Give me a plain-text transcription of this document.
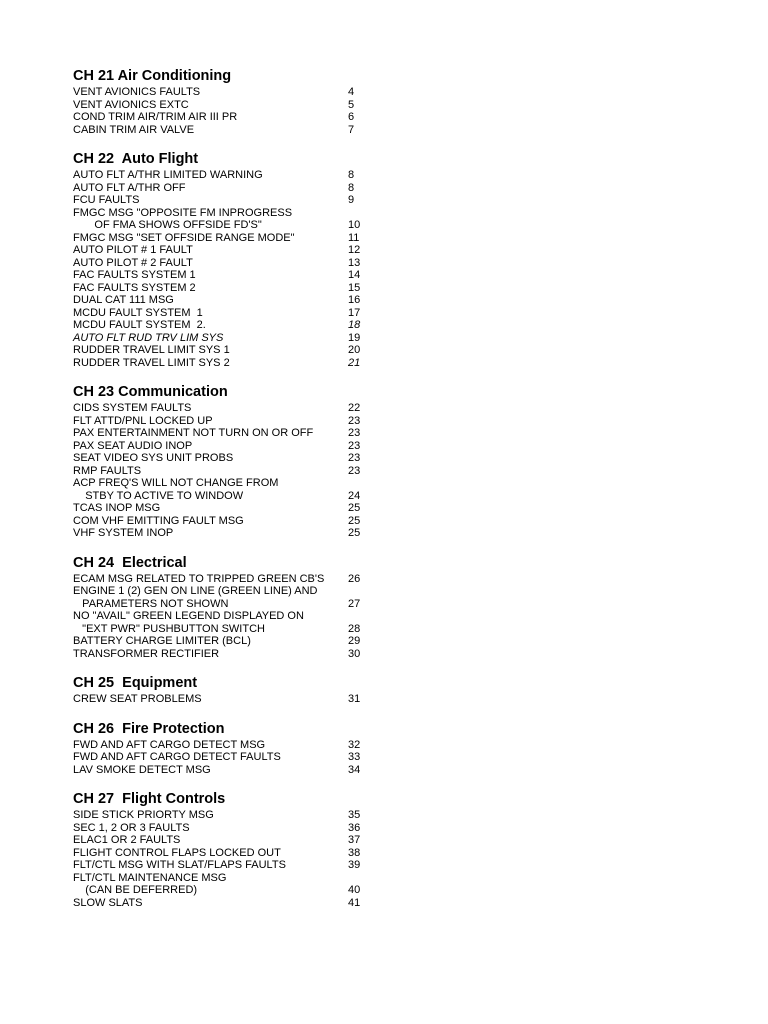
CH 21 Air Conditioning
VENT AVIONICS FAULTS	4
VENT AVIONICS EXTC	5
COND TRIM AIR/TRIM AIR III PR	6
CABIN TRIM AIR VALVE	7
CH 22  Auto Flight
AUTO FLT A/THR LIMITED WARNING	8
AUTO FLT A/THR OFF	8
FCU FAULTS	9
FMGC MSG "OPPOSITE FM INPROGRESS
OF FMA SHOWS OFFSIDE FD'S"	10
FMGC MSG "SET OFFSIDE RANGE MODE"	11
AUTO PILOT # 1 FAULT	12
AUTO PILOT # 2 FAULT	13
FAC FAULTS SYSTEM 1	14
FAC FAULTS SYSTEM 2	15
DUAL CAT 111 MSG	16
MCDU FAULT SYSTEM  1	17
MCDU FAULT SYSTEM  2.	18
AUTO FLT RUD TRV LIM SYS	19
RUDDER TRAVEL LIMIT SYS 1	20
RUDDER TRAVEL LIMIT SYS 2	21
CH 23 Communication
CIDS SYSTEM FAULTS	22
FLT ATTD/PNL LOCKED UP	23
PAX ENTERTAINMENT NOT TURN ON OR OFF	23
PAX SEAT AUDIO INOP	23
SEAT VIDEO SYS UNIT PROBS	23
RMP FAULTS	23
ACP FREQ'S WILL NOT CHANGE FROM
STBY TO ACTIVE TO WINDOW	24
TCAS INOP MSG	25
COM VHF EMITTING FAULT MSG	25
VHF SYSTEM INOP	25
CH 24  Electrical
ECAM MSG RELATED TO TRIPPED GREEN CB'S 26
ENGINE 1 (2) GEN ON LINE (GREEN LINE) AND
PARAMETERS NOT SHOWN	27
NO "AVAIL" GREEN LEGEND DISPLAYED ON
"EXT PWR" PUSHBUTTON SWITCH	28
BATTERY CHARGE LIMITER (BCL)	29
TRANSFORMER RECTIFIER	30
CH 25  Equipment
CREW SEAT PROBLEMS	31
CH 26  Fire Protection
FWD AND AFT CARGO DETECT MSG	32
FWD AND AFT CARGO DETECT FAULTS	33
LAV SMOKE DETECT MSG	34
CH 27  Flight Controls
SIDE STICK PRIORTY MSG	35
SEC 1, 2 OR 3 FAULTS	36
ELAC1 OR 2 FAULTS	37
FLIGHT CONTROL FLAPS LOCKED OUT	38
FLT/CTL MSG WITH SLAT/FLAPS FAULTS	39
FLT/CTL MAINTENANCE MSG
(CAN BE DEFERRED)	40
SLOW SLATS	41
